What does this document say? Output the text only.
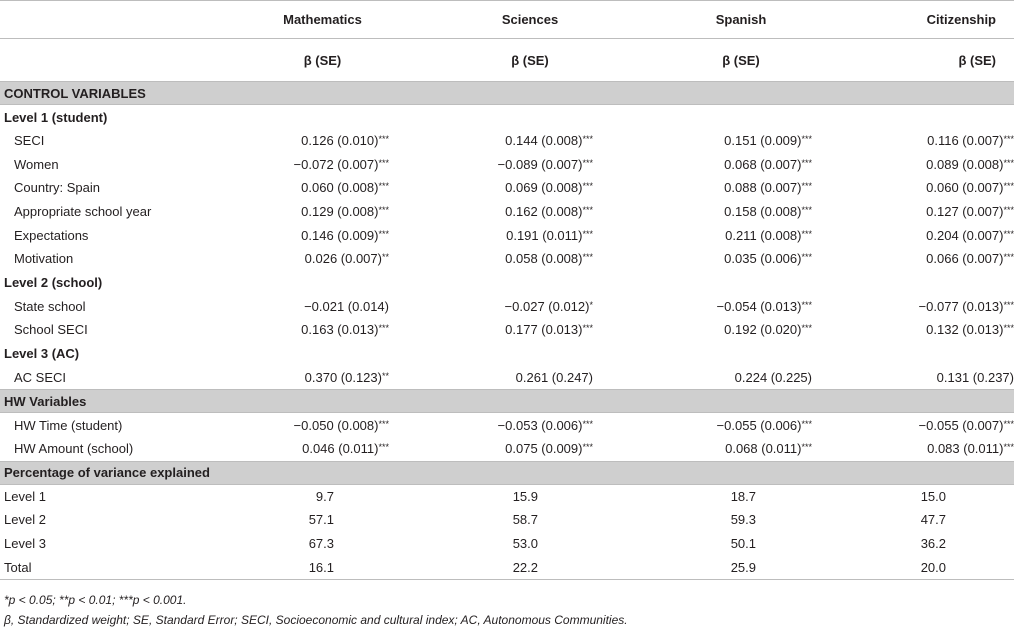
	Mathematics	Sciences	Spanish	Citizenship
	β (SE)	β (SE)	β (SE)	β (SE)
CONTROL VARIABLES				
Level 1 (student)				
SECI	0.126 (0.010)***	0.144 (0.008)***	0.151 (0.009)***	0.116 (0.007)***
Women	−0.072 (0.007)***	−0.089 (0.007)***	0.068 (0.007)***	0.089 (0.008)***
Country: Spain	0.060 (0.008)***	0.069 (0.008)***	0.088 (0.007)***	0.060 (0.007)***
Appropriate school year	0.129 (0.008)***	0.162 (0.008)***	0.158 (0.008)***	0.127 (0.007)***
Expectations	0.146 (0.009)***	0.191 (0.011)***	0.211 (0.008)***	0.204 (0.007)***
Motivation	0.026 (0.007)**	0.058 (0.008)***	0.035 (0.006)***	0.066 (0.007)***
Level 2 (school)				
State school	−0.021 (0.014)	−0.027 (0.012)*	−0.054 (0.013)***	−0.077 (0.013)***
School SECI	0.163 (0.013)***	0.177 (0.013)***	0.192 (0.020)***	0.132 (0.013)***
Level 3 (AC)				
AC SECI	0.370 (0.123)**	0.261 (0.247)	0.224 (0.225)	0.131 (0.237)
HW Variables				
HW Time (student)	−0.050 (0.008)***	−0.053 (0.006)***	−0.055 (0.006)***	−0.055 (0.007)***
HW Amount (school)	0.046 (0.011)***	0.075 (0.009)***	0.068 (0.011)***	0.083 (0.011)***
Percentage of variance explained				
Level 1	9.7	15.9	18.7	15.0
Level 2	57.1	58.7	59.3	47.7
Level 3	67.3	53.0	50.1	36.2
Total	16.1	22.2	25.9	20.0
*p < 0.05; **p < 0.01; ***p < 0.001.
β, Standardized weight; SE, Standard Error; SECI, Socioeconomic and cultural index; AC, Autonomous Communities.
